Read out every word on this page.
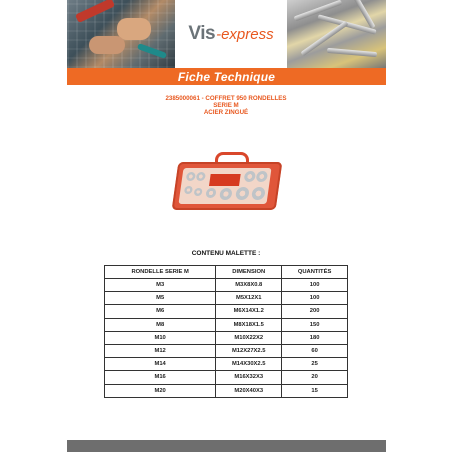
Vis -express
Fiche Technique
2385000061 - COFFRET 950 RONDELLES
SERIE M
ACIER ZINGUÉ
CONTENU MALETTE :
RONDELLE SERIE M	DIMENSION	QUANTITÉS
M3	M3X8X0.8	100
M5	M5X12X1	100
M6	M6X14X1.2	200
M8	M8X18X1.5	150
M10	M10X22X2	180
M12	M12X27X2.5	60
M14	M14X30X2.5	25
M16	M16X32X3	20
M20	M20X40X3	15
